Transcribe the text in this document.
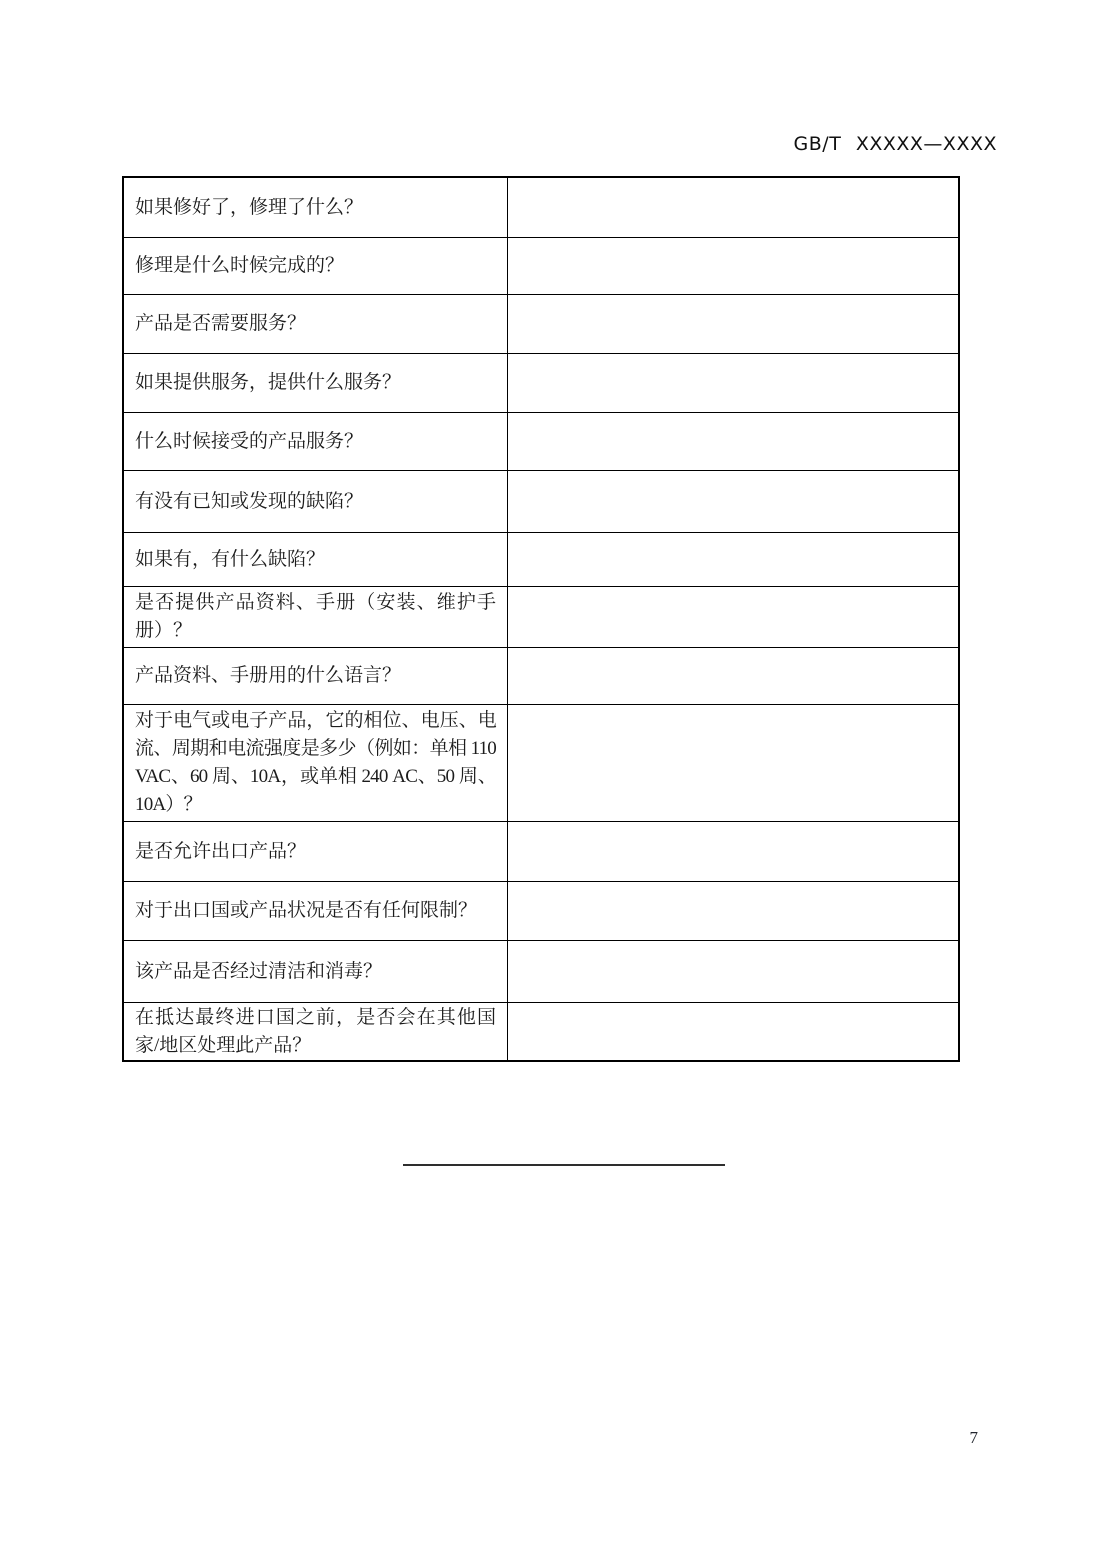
GB/T XXXXX—XXXX
如果修好了，修理了什么？
修理是什么时候完成的？
产品是否需要服务？
如果提供服务，提供什么服务？
什么时候接受的产品服务？
有没有已知或发现的缺陷？
如果有，有什么缺陷？
是否提供产品资料、手册（安装、维护手册）？
产品资料、手册用的什么语言？
对于电气或电子产品，它的相位、电压、电流、周期和电流强度是多少（例如：单相 110 VAC、60 周、10A，或单相 240 AC、50 周、10A）？
是否允许出口产品？
对于出口国或产品状况是否有任何限制？
该产品是否经过清洁和消毒？
在抵达最终进口国之前，是否会在其他国家/地区处理此产品？
7
